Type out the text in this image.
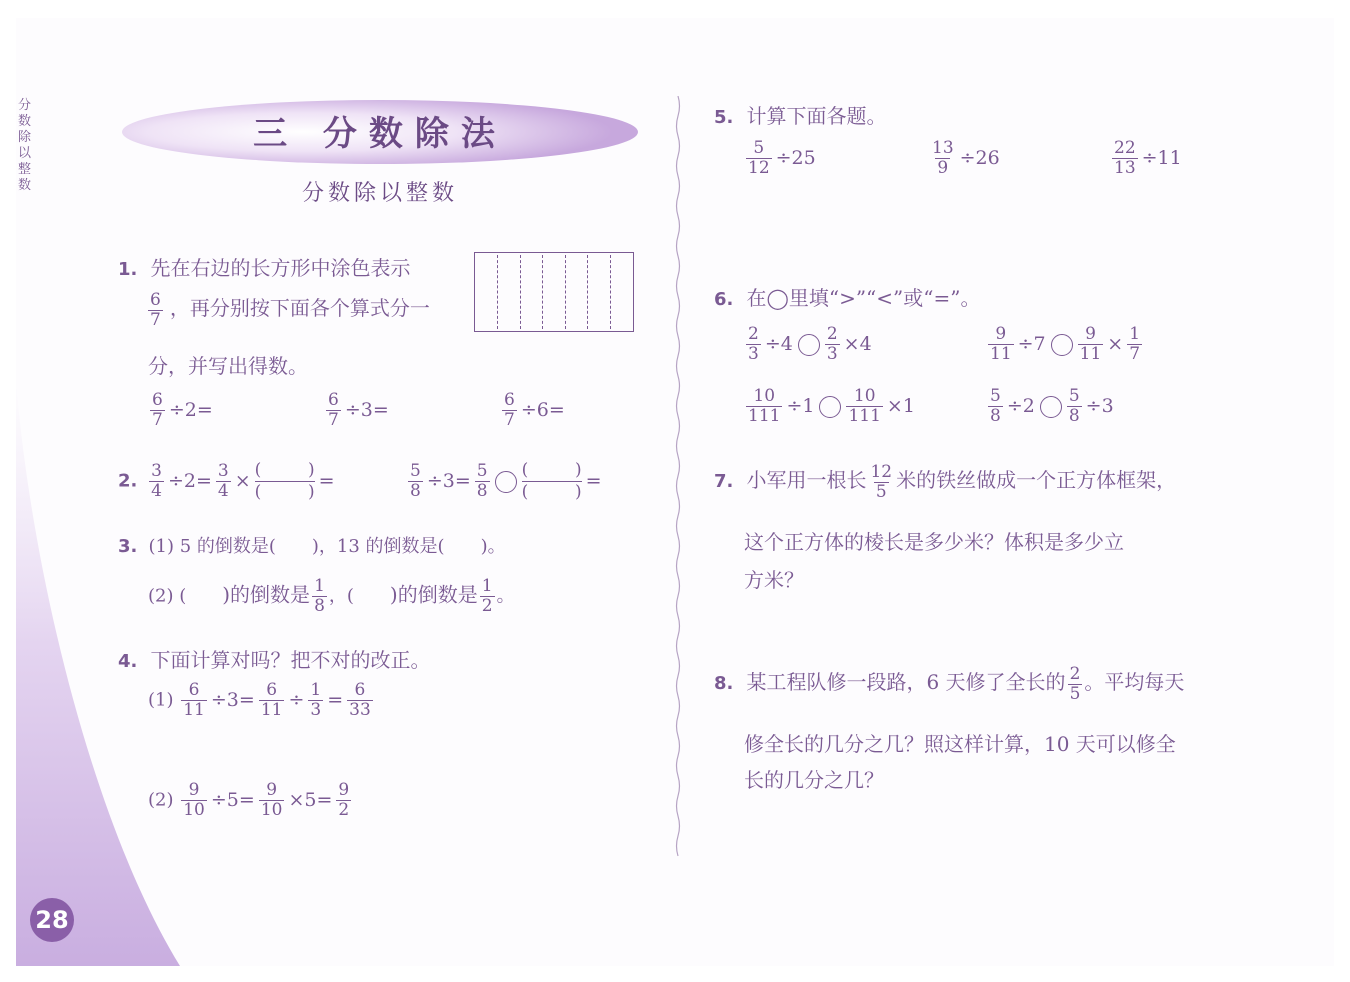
分数除以整数
三 分数除法
分数除以整数
1. 先在右边的长方形中涂色表示
$\frac{6}{7}$ ，再分别按下面各个算式分一
分，并写出得数。
$\frac{6}{7} \div 2=$	$\frac{6}{7} \div 3=$	$\frac{6}{7} \div 6=$
2. $\frac{3}{4} \div 2= \frac{3}{4}$ × (	)
(	) =	$\frac{5}{8} \div 3= \frac{5}{8}$ (	)
(	) =
3. (1) 5 的倒数是( )，13 的倒数是( )。
(2) ( )的倒数是 $\frac{1}{8}$ ，( )的倒数是 $\frac{1}{2}$ 。
4. 下面计算对吗？把不对的改正。
$(1) \frac{6}{11} \div 3= \frac{6}{11} \div \frac{1}{3} = \frac{6}{33}$
$(2) \frac{9}{10} \div 5= \frac{9}{10} \times 5= \frac{9}{2}$
5. 计算下面各题。
$\frac{5}{12} \div 25$	$\frac{13}{9} \div 26$	$\frac{22}{13} \div 11$
6. 在◯里填“>”“<”或“=”。
$\frac{2}{3} \div 4 \frac{2}{3} \times 4$	$\frac{9}{11} \div 7 \frac{9}{11} \times \frac{1}{7}$
$\frac{10}{111} \div 1 \frac{10}{111} \times 1$	$\frac{5}{8} \div 2 \frac{5}{8} \div 3$
7. 小军用一根长 $\frac{12}{5}$ 米的铁丝做成一个正方体框架，
这个正方体的棱长是多少米？体积是多少立
方米？
8. 某工程队修一段路，6 天修了全长的 $\frac{2}{5}$ 。平均每天
修全长的几分之几？照这样计算，10 天可以修全
长的几分之几？
28
